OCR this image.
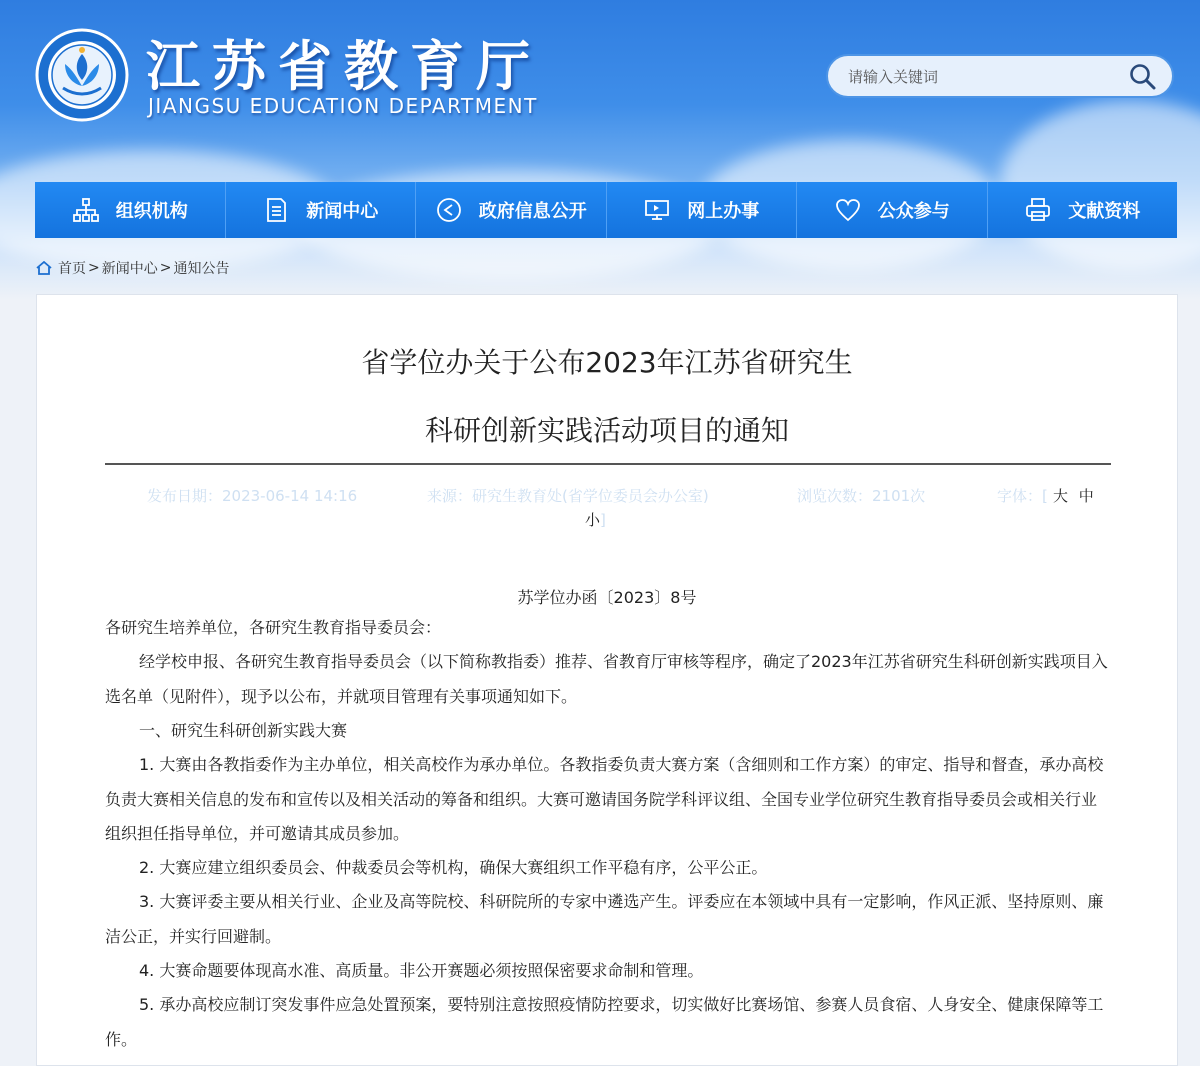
江苏省教育厅
JIANGSU EDUCATION DEPARTMENT
请输入关键词
组织机构	新闻中心	政府信息公开	网上办事	公众参与	文献资料
首页 > 新闻中心 > 通知公告
省学位办关于公布2023年江苏省研究生
科研创新实践活动项目的通知
发布日期：2023-06-14 14:16	来源：研究生教育处(省学位委员会办公室)	浏览次数：2101次	字体：[ 大 中
小]
苏学位办函〔2023〕8号
各研究生培养单位，各研究生教育指导委员会：
经学校申报、各研究生教育指导委员会（以下简称教指委）推荐、省教育厅审核等程序，确定了2023年江苏省研究生科研创新实践项目入选名单（见附件），现予以公布，并就项目管理有关事项通知如下。
一、研究生科研创新实践大赛
1. 大赛由各教指委作为主办单位，相关高校作为承办单位。各教指委负责大赛方案（含细则和工作方案）的审定、指导和督查，承办高校负责大赛相关信息的发布和宣传以及相关活动的筹备和组织。大赛可邀请国务院学科评议组、全国专业学位研究生教育指导委员会或相关行业组织担任指导单位，并可邀请其成员参加。
2. 大赛应建立组织委员会、仲裁委员会等机构，确保大赛组织工作平稳有序，公平公正。
3. 大赛评委主要从相关行业、企业及高等院校、科研院所的专家中遴选产生。评委应在本领域中具有一定影响，作风正派、坚持原则、廉洁公正，并实行回避制。
4. 大赛命题要体现高水准、高质量。非公开赛题必须按照保密要求命制和管理。
5. 承办高校应制订突发事件应急处置预案，要特别注意按照疫情防控要求，切实做好比赛场馆、参赛人员食宿、人身安全、健康保障等工作。
